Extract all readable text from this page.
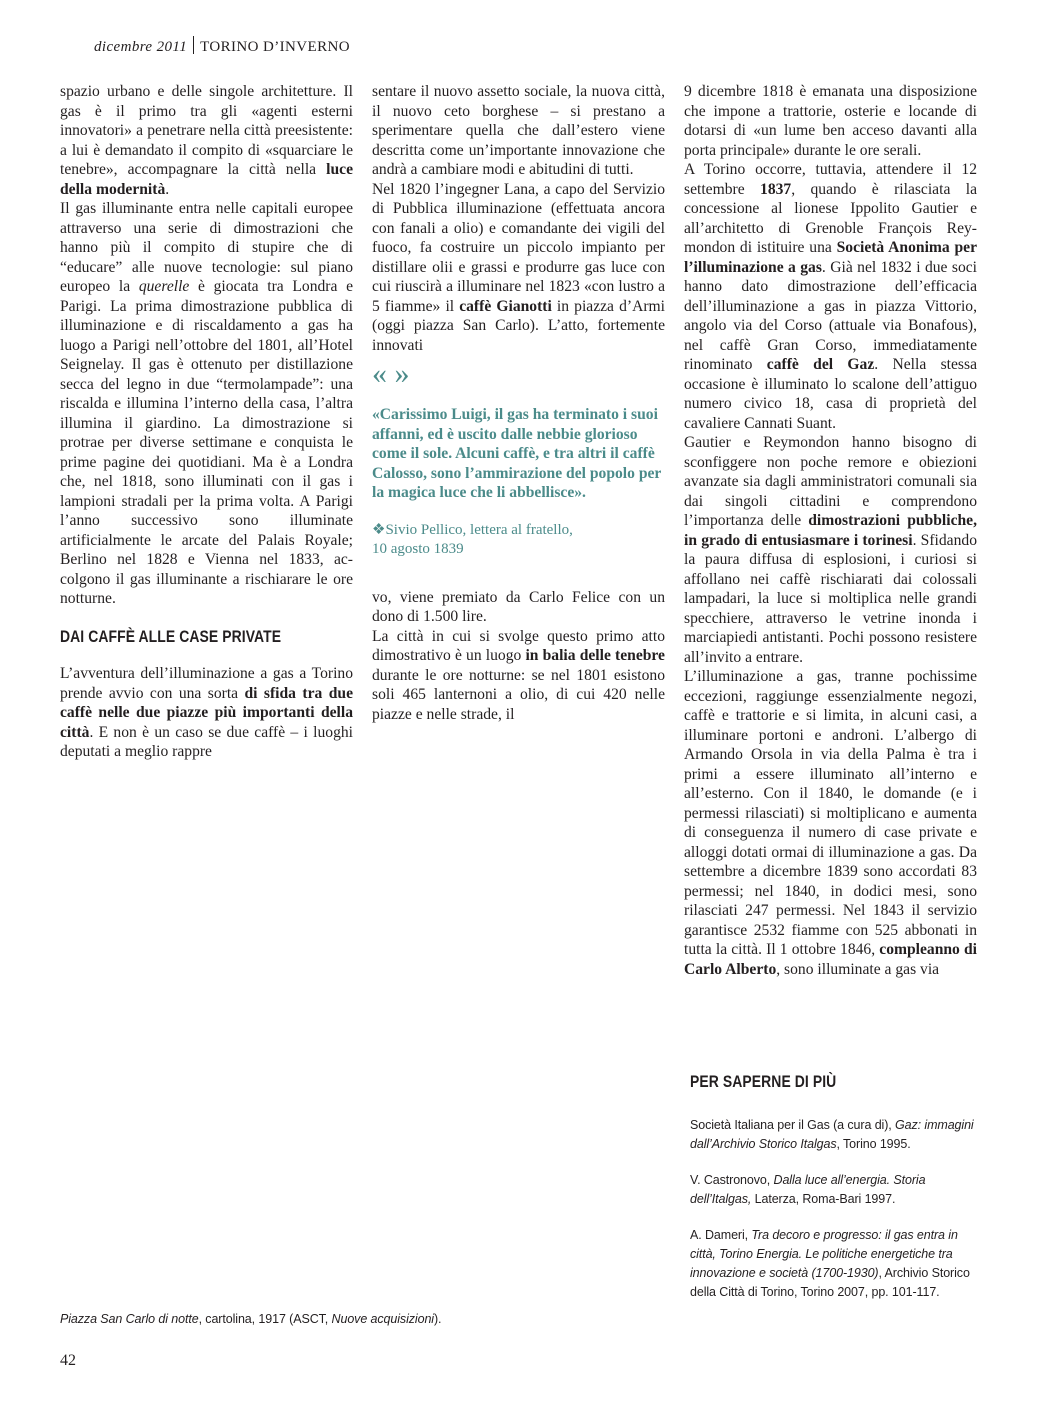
dicembre 2011 TORINO D’INVERNO

spazio urbano e delle singole architetture. Il gas è il primo tra gli «agenti esterni innovatori» a penetrare nella città preesistente: a lui è demandato il compito di «squarciare le tenebre», accompagnare la città nella luce della modernità.

Il gas illuminante entra nelle capitali europee attraverso una serie di dimostrazioni che hanno più il compito di stupire che di “educare” alle nuove tecnologie: sul piano europeo la querelle è giocata tra Londra e Parigi. La prima dimostrazione pubblica di illuminazione e di riscaldamento a gas ha luogo a Parigi nell’ottobre del 1801, all’Hotel Seignelay. Il gas è ottenuto per distillazione secca del legno in due “termolampade”: una riscalda e illumina l’interno della casa, l’altra illumina il giardino. La dimostrazione si protrae per diverse settimane e conquista le prime pagine dei quotidiani. Ma è a Londra che, nel 1818, sono illuminati con il gas i lampioni stradali per la prima volta. A Parigi l’anno successivo sono illuminate artificialmente le arcate del Palais Royale; Berlino nel 1828 e Vienna nel 1833, accolgono il gas illuminante a rischiarare le ore notturne.

DAI CAFFÈ ALLE CASE PRIVATE

L’avventura dell’illuminazione a gas a Torino prende avvio con una sorta di sfida tra due caffè nelle due piazze più importanti della città. E non è un caso se due caffè – i luoghi deputati a meglio rappre

sentare il nuovo assetto sociale, la nuova città, il nuovo ceto borghese – si prestano a sperimentare quella che dall’estero viene descritta come un’importante innovazione che andrà a cambiare modi e abitudini di tutti.

Nel 1820 l’ingegner Lana, a capo del Servizio di Pubblica illuminazione (effettuata ancora con fanali a olio) e comandante dei vigili del fuoco, fa costruire un piccolo impianto per distillare olii e grassi e produrre gas luce con cui riuscirà a illuminare nel 1823 «con lustro a 5 fiamme» il caffè Gianotti in piazza d’Armi (oggi piazza San Carlo). L’atto, fortemente innovati

« »

«Carissimo Luigi, il gas ha terminato i suoi affanni, ed è uscito dalle nebbie glorioso come il sole. Alcuni caffè, e tra altri il caffè Calosso, sono l’ammirazione del popolo per la magica luce che li abbellisce».

❖Sivio Pellico, lettera al fratello,
10 agosto 1839

vo, viene premiato da Carlo Felice con un dono di 1.500 lire.

La città in cui si svolge questo primo atto dimostrativo è un luogo in balia delle tenebre durante le ore notturne: se nel 1801 esistono soli 465 lanternoni a olio, di cui 420 nelle piazze e nelle strade, il

9 dicembre 1818 è emanata una disposizione che impone a trattorie, osterie e locande di dotarsi di «un lume ben acceso davanti alla porta principale» durante le ore serali.

A Torino occorre, tuttavia, attendere il 12 settembre 1837, quando è rilasciata la concessione al lionese Ippolito Gautier e all’architetto di Grenoble François Reymondon di istituire una Società Anonima per l’illuminazione a gas. Già nel 1832 i due soci hanno dato dimostrazione dell’efficacia dell’illuminazione a gas in piazza Vittorio, angolo via del Corso (attuale via Bonafous), nel caffè Gran Corso, immediatamente rinominato caffè del Gaz. Nella stessa occasione è illuminato lo scalone dell’attiguo numero civico 18, casa di proprietà del cavaliere Cannati Suant.

Gautier e Reymondon hanno bisogno di sconfiggere non poche remore e obiezioni avanzate sia dagli amministratori comunali sia dai singoli cittadini e comprendono l’importanza delle dimostrazioni pubbliche, in grado di entusiasmare i torinesi. Sfidando la paura diffusa di esplosioni, i curiosi si affollano nei caffè rischiarati dai colossali lampadari, la luce si moltiplica nelle grandi specchiere, attraverso le vetrine inonda i marciapiedi antistanti. Pochi possono resistere all’invito a entrare.

L’illuminazione a gas, tranne pochissime eccezioni, raggiunge essenzialmente negozi, caffè e trattorie e si limita, in alcuni casi, a illuminare portoni e androni. L’albergo di Armando Orsola in via della Palma è tra i primi a essere illuminato all’interno e all’esterno. Con il 1840, le domande (e i permessi rilasciati) si moltiplicano e aumenta di conseguenza il numero di case private e alloggi dotati ormai di illuminazione a gas. Da settembre a dicembre 1839 sono accordati 83 permessi; nel 1840, in dodici mesi, sono rilasciati 247 permessi. Nel 1843 il servizio garantisce 2532 fiamme con 525 abbonati in tutta la città. Il 1 ottobre 1846, compleanno di Carlo Alberto, sono illuminate a gas via

PER SAPERNE DI PIÙ

Società Italiana per il Gas (a cura di), Gaz: immagini dall’Archivio Storico Italgas, Torino 1995.

V. Castronovo, Dalla luce all’energia. Storia dell’Italgas, Laterza, Roma-Bari 1997.

A. Dameri, Tra decoro e progresso: il gas entra in città, Torino Energia. Le politiche energetiche tra innovazione e società (1700-1930), Archivio Storico della Città di Torino, Torino 2007, pp. 101-117.

Piazza San Carlo di notte, cartolina, 1917 (ASCT, Nuove acquisizioni).
42
